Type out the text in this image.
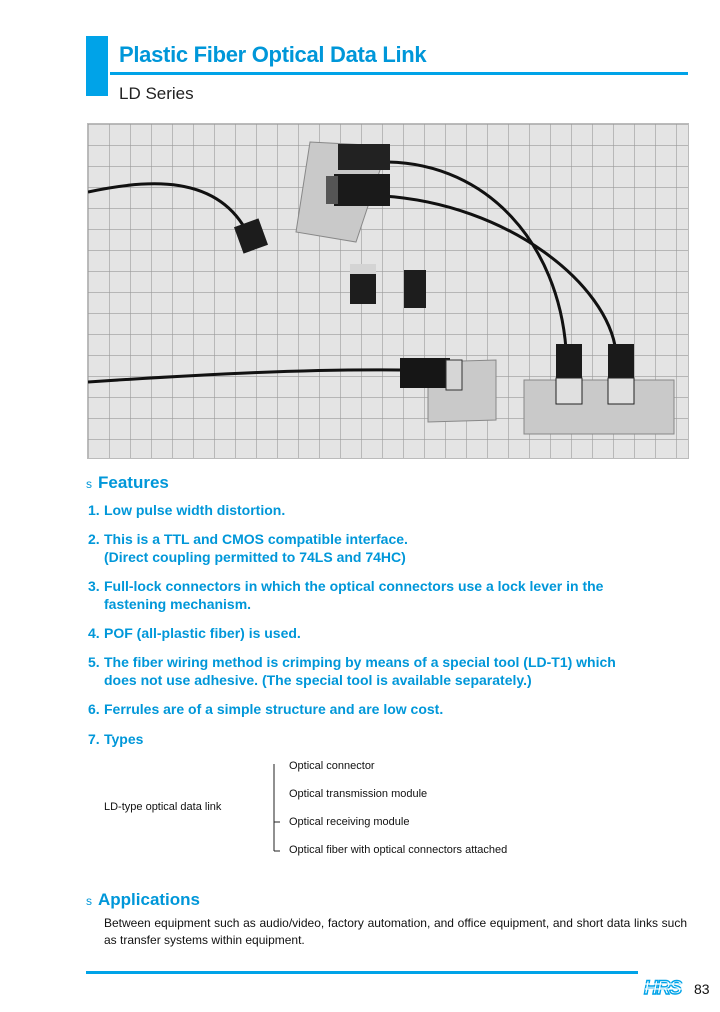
Plastic Fiber Optical Data Link
LD Series
s Features
1. Low pulse width distortion.
2. This is a TTL and CMOS compatible interface.
(Direct coupling permitted to 74LS and 74HC)
3. Full-lock connectors in which the optical connectors use a lock lever in the
fastening mechanism.
4. POF (all-plastic fiber) is used.
5. The fiber wiring method is crimping by means of a special tool (LD-T1) which
does not use adhesive. (The special tool is available separately.)
6. Ferrules are of a simple structure and are low cost.
7. Types
LD-type optical data link
Optical connector
Optical transmission module
Optical receiving module
Optical fiber with optical connectors attached
s Applications
Between equipment such as audio/video, factory automation, and office equipment, and short data links such as transfer systems within equipment.
HRS 83
